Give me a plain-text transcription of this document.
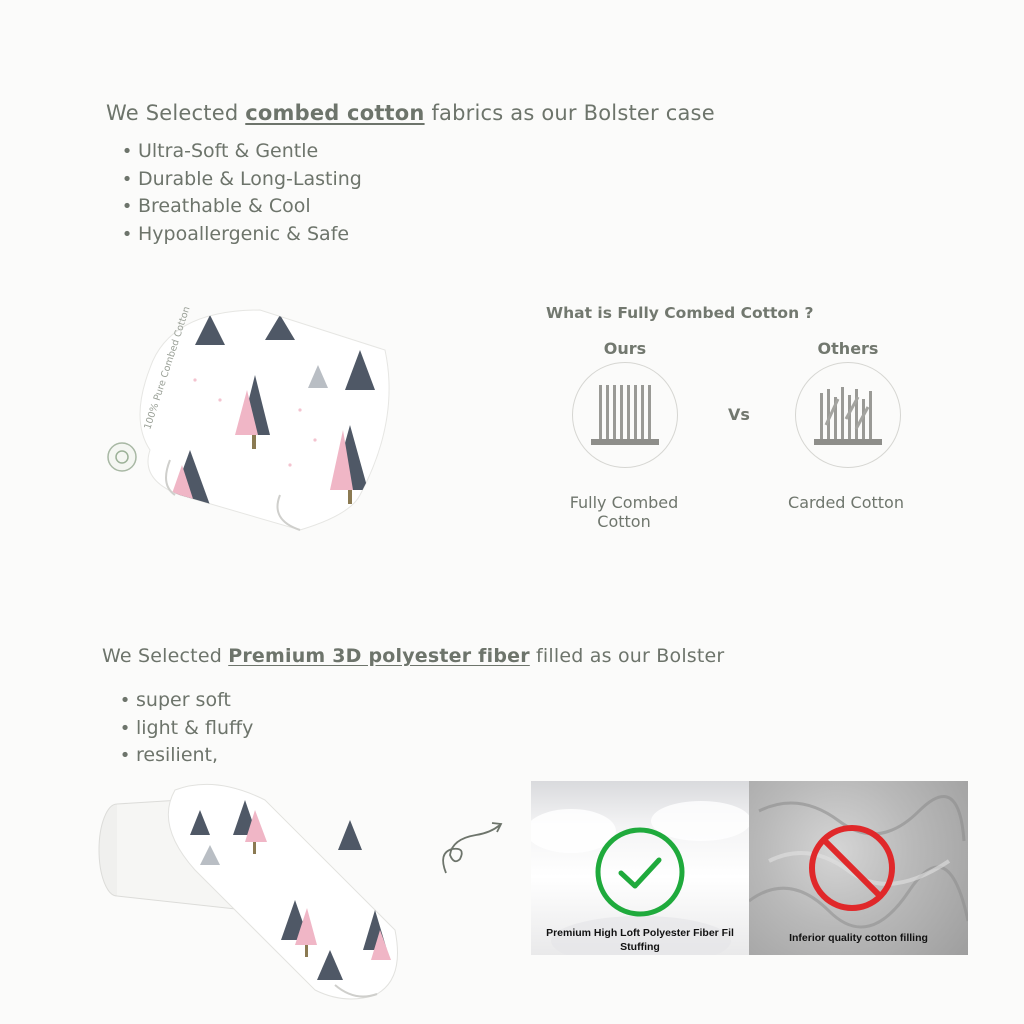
We Selected combed cotton fabrics as our Bolster case
• Ultra-Soft & Gentle
• Durable & Long-Lasting
• Breathable & Cool
• Hypoallergenic & Safe
100% Pure Combed Cotton	What is Fully Combed Cotton ?
Ours	Others
Vs
Fully Combed
Cotton
Carded Cotton
We Selected Premium 3D polyester fiber filled as our Bolster
• super soft
• light & fluffy
• resilient,
Premium High Loft Polyester Fiber Fil
Stuffing
Inferior quality cotton filling
